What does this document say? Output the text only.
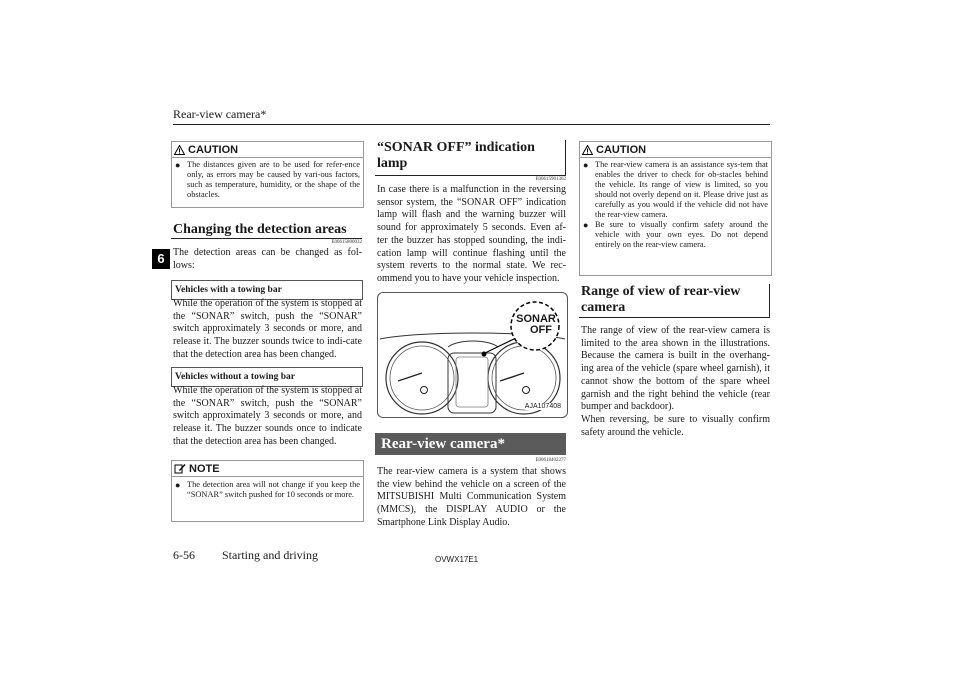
Rear-view camera*
6
CAUTION
● The distances given are to be used for refer-ence only, as errors may be caused by vari-ous factors, such as temperature, humidity, or the shape of the obstacles.
Changing the detection areas
E00615800032

The detection areas can be changed as fol-lows:

Vehicles with a towing bar

While the operation of the system is stopped at the “SONAR” switch, push the “SONAR” switch approximately 3 seconds or more, and release it. The buzzer sounds twice to indi-cate that the detection area has been changed.

Vehicles without a towing bar

While the operation of the system is stopped at the “SONAR” switch, push the “SONAR” switch approximately 3 seconds or more, and release it. The buzzer sounds once to indicate that the detection area has been changed.

NOTE
● The detection area will not change if you keep the “SONAR” switch pushed for 10 seconds or more.
“SONAR OFF” indication lamp
E00615901362

In case there is a malfunction in the reversing sensor system, the “SONAR OFF” indication lamp will flash and the warning buzzer will sound for approximately 5 seconds. Even af-ter the buzzer has stopped sounding, the indi-cation lamp will continue flashing until the system reverts to the normal state. We rec-ommend you to have your vehicle inspection.

SONAR
OFF
AJA107408
Rear-view camera*
E00618402277

The rear-view camera is a system that shows the view behind the vehicle on a screen of the MITSUBISHI Multi Communication System (MMCS), the DISPLAY AUDIO or the Smartphone Link Display Audio.

CAUTION
● The rear-view camera is an assistance sys-tem that enables the driver to check for ob-stacles behind the vehicle. Its range of view is limited, so you should not overly depend on it. Please drive just as carefully as you would if the vehicle did not have the rear-view camera.
● Be sure to visually confirm safety around the vehicle with your own eyes. Do not depend entirely on the rear-view camera.
Range of view of rear-view camera

The range of view of the rear-view camera is limited to the area shown in the illustrations. Because the camera is built in the overhang-ing area of the vehicle (spare wheel garnish), it cannot show the bottom of the spare wheel garnish and the right behind the vehicle (rear bumper and backdoor).
When reversing, be sure to visually confirm safety around the vehicle.

6-56 Starting and driving	OVWX17E1
